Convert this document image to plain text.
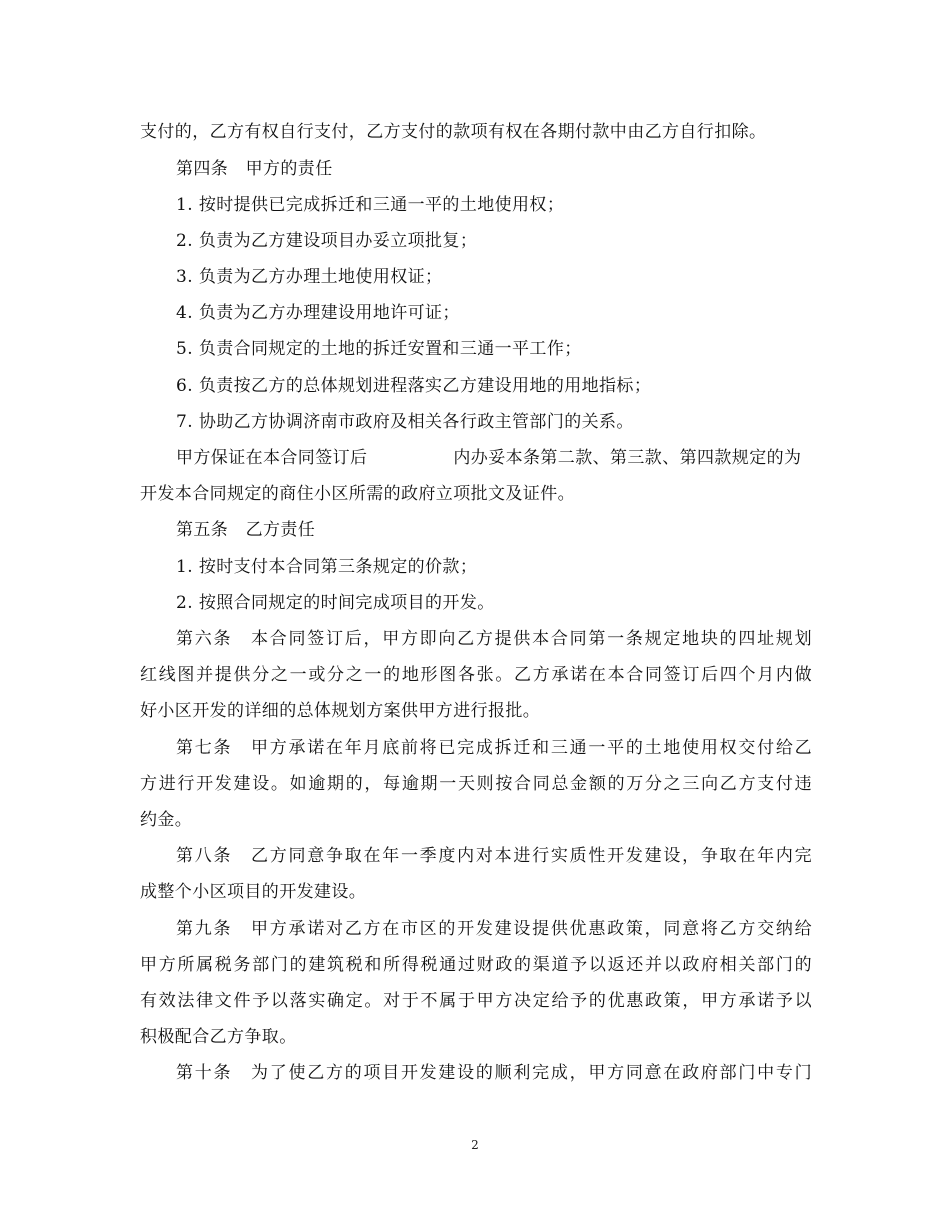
支付的，乙方有权自行支付，乙方支付的款项有权在各期付款中由乙方自行扣除。
第四条　甲方的责任
1. 按时提供已完成拆迁和三通一平的土地使用权；
2. 负责为乙方建设项目办妥立项批复；
3. 负责为乙方办理土地使用权证；
4. 负责为乙方办理建设用地许可证；
5. 负责合同规定的土地的拆迁安置和三通一平工作；
6. 负责按乙方的总体规划进程落实乙方建设用地的用地指标；
7. 协助乙方协调济南市政府及相关各行政主管部门的关系。
甲方保证在本合同签订后	内办妥本条第二款、第三款、第四款规定的为
开发本合同规定的商住小区所需的政府立项批文及证件。
第五条　乙方责任
1. 按时支付本合同第三条规定的价款；
2. 按照合同规定的时间完成项目的开发。
第六条　本合同签订后，甲方即向乙方提供本合同第一条规定地块的四址规划
红线图并提供分之一或分之一的地形图各张。乙方承诺在本合同签订后四个月内做
好小区开发的详细的总体规划方案供甲方进行报批。
第七条　甲方承诺在年月底前将已完成拆迁和三通一平的土地使用权交付给乙
方进行开发建设。如逾期的，每逾期一天则按合同总金额的万分之三向乙方支付违
约金。
第八条　乙方同意争取在年一季度内对本进行实质性开发建设，争取在年内完
成整个小区项目的开发建设。
第九条　甲方承诺对乙方在市区的开发建设提供优惠政策，同意将乙方交纳给
甲方所属税务部门的建筑税和所得税通过财政的渠道予以返还并以政府相关部门的
有效法律文件予以落实确定。对于不属于甲方决定给予的优惠政策，甲方承诺予以
积极配合乙方争取。
第十条　为了使乙方的项目开发建设的顺利完成，甲方同意在政府部门中专门
2
